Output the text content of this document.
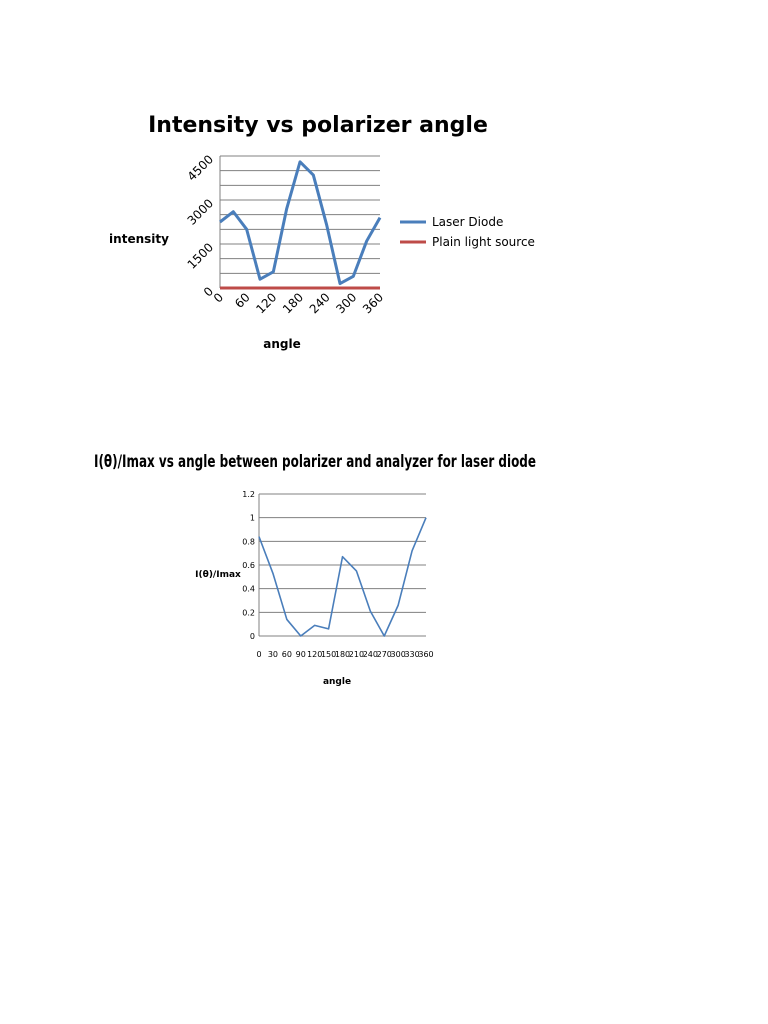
Intensity vs polarizer angle
0
1500
3000
4500
0 60 120 180 240 300 360
intensity
angle
Laser Diode
Plain light source
I(θ)/Imax vs angle between polarizer and analyzer for laser diode
0
0.2
0.4
0.6
0.8
1
1.2
0 30 60 90 120
150
180
210
240
270
300
330
360
I(θ)/Imax
angle
